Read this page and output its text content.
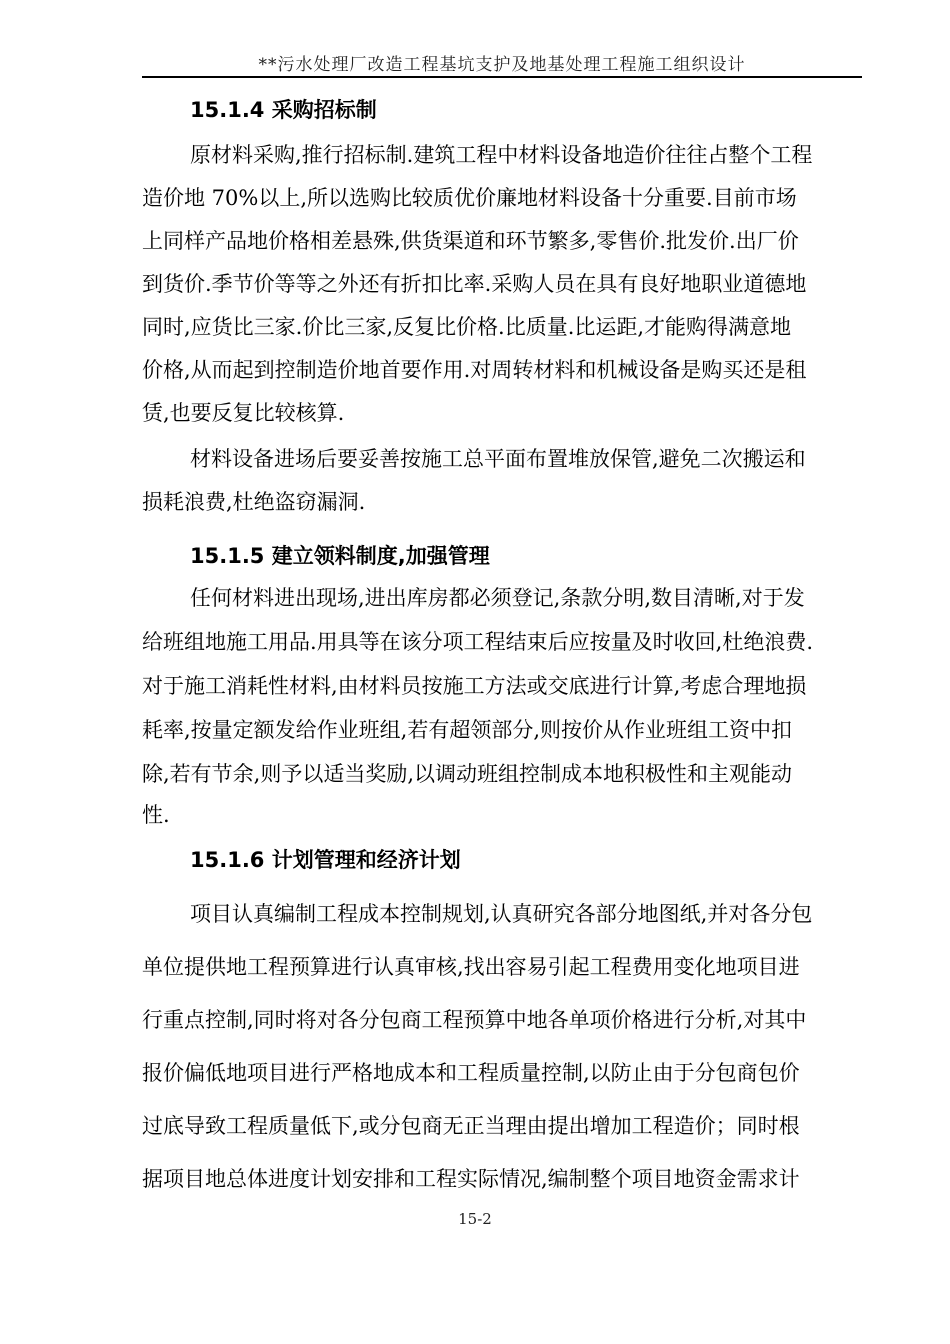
**污水处理厂改造工程基坑支护及地基处理工程施工组织设计
15.1.4 采购招标制
原材料采购,推行招标制.建筑工程中材料设备地造价往往占整个工程
造价地 70%以上,所以选购比较质优价廉地材料设备十分重要.目前市场
上同样产品地价格相差悬殊,供货渠道和环节繁多,零售价.批发价.出厂价
到货价.季节价等等之外还有折扣比率.采购人员在具有良好地职业道德地
同时,应货比三家.价比三家,反复比价格.比质量.比运距,才能购得满意地
价格,从而起到控制造价地首要作用.对周转材料和机械设备是购买还是租
赁,也要反复比较核算.
材料设备进场后要妥善按施工总平面布置堆放保管,避免二次搬运和
损耗浪费,杜绝盗窃漏洞.
15.1.5 建立领料制度,加强管理
任何材料进出现场,进出库房都必须登记,条款分明,数目清晰,对于发
给班组地施工用品.用具等在该分项工程结束后应按量及时收回,杜绝浪费.
对于施工消耗性材料,由材料员按施工方法或交底进行计算,考虑合理地损
耗率,按量定额发给作业班组,若有超领部分,则按价从作业班组工资中扣
除,若有节余,则予以适当奖励,以调动班组控制成本地积极性和主观能动
性.
15.1.6 计划管理和经济计划
项目认真编制工程成本控制规划,认真研究各部分地图纸,并对各分包
单位提供地工程预算进行认真审核,找出容易引起工程费用变化地项目进
行重点控制,同时将对各分包商工程预算中地各单项价格进行分析,对其中
报价偏低地项目进行严格地成本和工程质量控制,以防止由于分包商包价
过底导致工程质量低下,或分包商无正当理由提出增加工程造价；同时根
据项目地总体进度计划安排和工程实际情况,编制整个项目地资金需求计
15-2
